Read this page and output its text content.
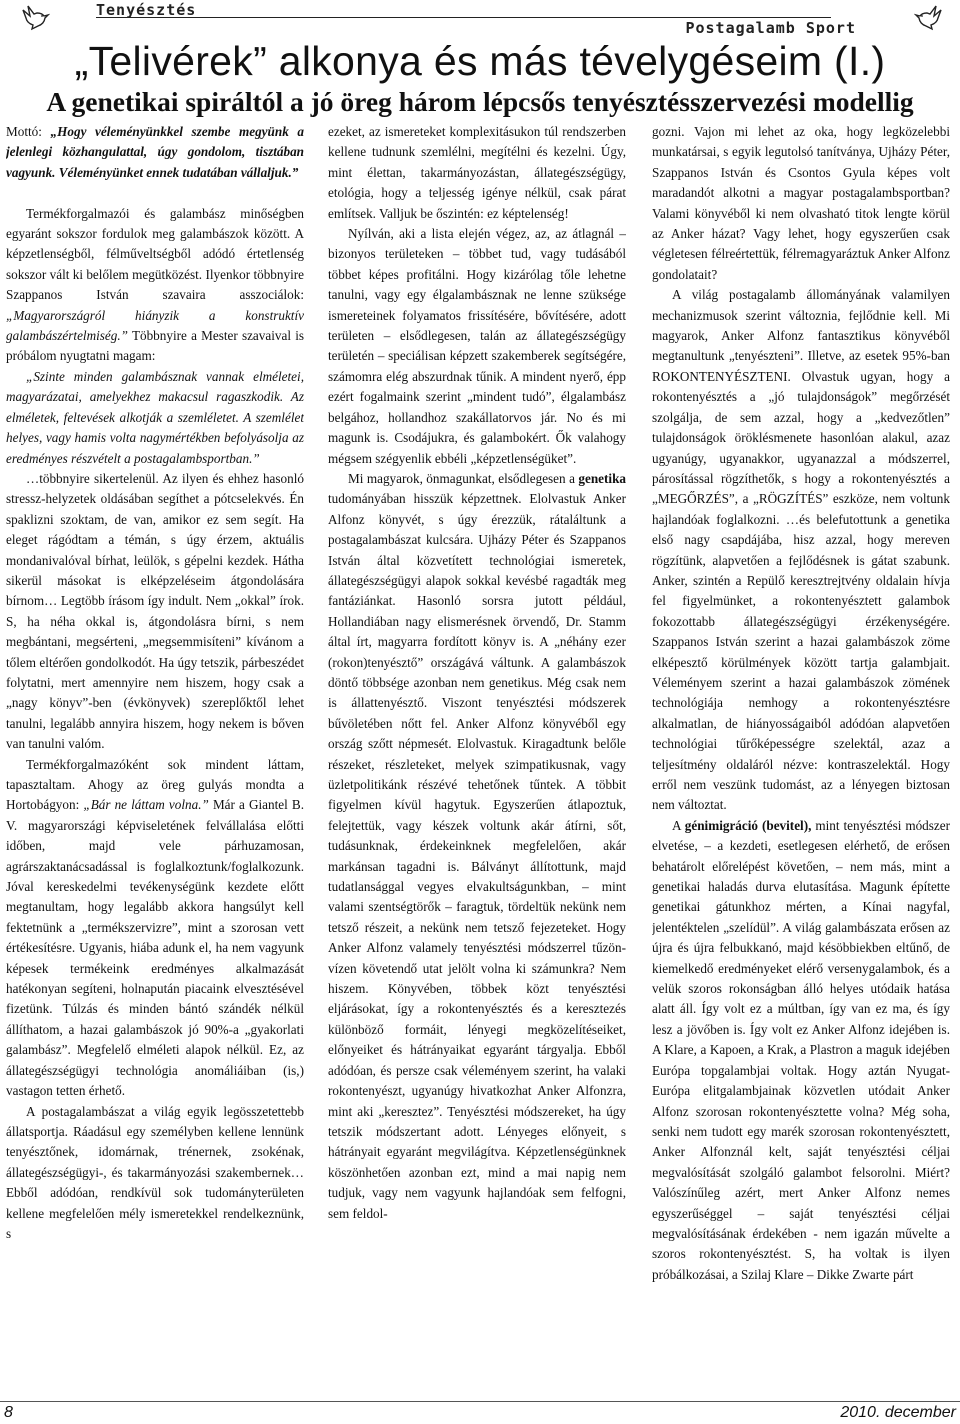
Tenyésztés
Postagalamb Sport
„Telivérek” alkonya és más tévelygéseim (I.)
A genetikai spiráltól a jó öreg három lépcsős tenyésztésszervezési modellig

Mottó: „Hogy véleményünkkel szembe megyünk a jelenlegi közhangulattal, úgy gondolom, tisztában vagyunk. Véleményünket ennek tudatában vállaljuk.”

Termékforgalmazói és galambász minőségben egyaránt sokszor fordulok meg galambászok között. A képzetlenségből, félműveltségből adódó értetlenség sokszor vált ki belőlem megütközést. Ilyenkor többnyire Szappanos István szavaira asszociálok: „Magyarországról hiányzik a konstruktív galambászértelmiség.” Többnyire a Mester szavaival is próbálom nyugtatni magam:

„Szinte minden galambásznak vannak elméletei, magyarázatai, amelyekhez makacsul ragaszkodik. Az elméletek, feltevések alkotják a szemléletet. A szemlélet helyes, vagy hamis volta nagymértékben befolyásolja az eredményes részvételt a postagalambsportban.”

…többnyire sikertelenül. Az ilyen és ehhez hasonló stressz-helyzetek oldásában segíthet a pótcselekvés. Én spaklizni szoktam, de van, amikor ez sem segít. Ha eleget rágódtam a témán, s úgy érzem, aktuális mondanivalóval bírhat, leülök, s gépelni kezdek. Hátha sikerül másokat is elképzeléseim átgondolására bírnom… Legtöbb írásom így indult. Nem „okkal” írok. S, ha néha okkal is, átgondolásra bírni, s nem megbántani, megsérteni, „megsemmisíteni” kívánom a tőlem eltérően gondolkodót. Ha úgy tetszik, párbeszédet folytatni, mert amennyire nem hiszem, hogy csak a „nagy könyv”-ben (évkönyvek) szereplőktől lehet tanulni, legalább annyira hiszem, hogy nekem is bőven van tanulni valóm.

Termékforgalmazóként sok mindent láttam, tapasztaltam. Ahogy az öreg gulyás mondta a Hortobágyon: „Bár ne láttam volna.” Már a Giantel B. V. magyarországi képviseletének felvállalása előtti időben, majd vele párhuzamosan, agrárszaktanácsadással is foglalkoztunk/foglalkozunk. Jóval kereskedelmi tevékenységünk kezdete előtt megtanultam, hogy legalább akkora hangsúlyt kell fektetnünk a „termékszervizre”, mint a szorosan vett értékesítésre. Ugyanis, hiába adunk el, ha nem vagyunk képesek termékeink eredményes alkalmazását hatékonyan segíteni, holnapután piacaink elvesztésével fizetünk. Túlzás és minden bántó szándék nélkül állíthatom, a hazai galambászok jó 90%-a „gyakorlati galambász”. Megfelelő elméleti alapok nélkül. Ez, az állategészségügyi technológia anomáliáiban (is,) vastagon tetten érhető.

A postagalambászat a világ egyik legösszetettebb állatsportja. Ráadásul egy személyben kellene lennünk tenyésztőnek, idomárnak, trénernek, zsokénak, állategészségügyi-, és takarmányozási szakembernek… Ebből adódóan, rendkívül sok tudományterületen kellene megfelelően mély ismeretekkel rendelkeznünk, s

ezeket, az ismereteket komplexitásukon túl rendszerben kellene tudnunk szemlélni, megítélni és kezelni. Úgy, mint élettan, takarmányozástan, állategészségügy, etológia, hogy a teljesség igénye nélkül, csak párat említsek. Valljuk be őszintén: ez képtelenség!

Nyílván, aki a lista elején végez, az, az átlagnál – bizonyos területeken – többet tud, vagy tudásából többet képes profitálni. Hogy kizárólag tőle lehetne tanulni, vagy egy élgalambásznak ne lenne szüksége ismereteinek folyamatos frissítésére, bővítésére, adott területen – elsődlegesen, talán az állategészségügy területén – speciálisan képzett szakemberek segítségére, számomra elég abszurdnak tűnik. A mindent nyerő, épp ezért fogalmaink szerint „mindent tudó”, élgalambász belgához, hollandhoz szakállatorvos jár. No és mi magunk is. Csodájukra, és galambokért. Ők valahogy mégsem szégyenlik ebbéli „képzetlenségüket”.

Mi magyarok, önmagunkat, elsődlegesen a genetika tudományában hisszük képzettnek. Elolvastuk Anker Alfonz könyvét, s úgy érezzük, rátaláltunk a postagalambászat kulcsára. Ujházy Péter és Szappanos István által közvetített technológiai ismeretek, állategészségügyi alapok sokkal kevésbé ragadták meg fantáziánkat. Hasonló sorsra jutott például, Hollandiában nagy elismerésnek örvendő, Dr. Stamm által írt, magyarra fordított könyv is. A „néhány ezer (rokon)tenyésztő” országává váltunk. A galambászok döntő többsége azonban nem genetikus. Még csak nem is állattenyésztő. Viszont tenyésztési módszerek bűvöletében nőtt fel. Anker Alfonz könyvéből egy ország szőtt népmesét. Elolvastuk. Kiragadtunk belőle részeket, részleteket, melyek szimpatikusnak, vagy üzletpolitikánk részévé tehetőnek tűntek. A többit figyelmen kívül hagytuk. Egyszerűen átlapoztuk, felejtettük, vagy készek voltunk akár átírni, sőt, tudásunknak, érdekeinknek megfelelően, akár markánsan tagadni is. Bálványt állítottunk, majd tudatlansággal vegyes elvakultságunkban, – mint valami szentségtörők – faragtuk, tördeltük nekünk nem tetsző részeit, a nekünk nem tetsző fejezeteket. Hogy Anker Alfonz valamely tenyésztési módszerrel tűzön-vízen követendő utat jelölt volna ki számunkra? Nem hiszem. Könyvében, többek közt tenyésztési eljárásokat, így a rokontenyésztés és a keresztezés különböző formáit, lényegi megközelítéseiket, előnyeiket és hátrányaikat egyaránt tárgyalja. Ebből adódóan, és persze csak véleményem szerint, ha valaki rokontenyészt, ugyanúgy hivatkozhat Anker Alfonzra, mint aki „keresztez”. Tenyésztési módszereket, ha úgy tetszik módszertant adott. Lényeges előnyeit, s hátrányait egyaránt megvilágítva. Képzetlenségünknek köszönhetően azonban ezt, mind a mai napig nem tudjuk, vagy nem vagyunk hajlandóak sem felfogni, sem feldol-

gozni. Vajon mi lehet az oka, hogy legközelebbi munkatársai, s egyik legutolsó tanítványa, Ujházy Péter, Szappanos István és Csontos Gyula képes volt maradandót alkotni a magyar postagalambsportban? Valami könyvéből ki nem olvasható titok lengte körül az Anker házat? Vagy lehet, hogy egyszerűen csak végletesen félreértettük, félremagyaráztuk Anker Alfonz gondolatait?

A világ postagalamb állományának valamilyen mechanizmusok szerint változnia, fejlődnie kell. Mi magyarok, Anker Alfonz fantasztikus könyvéből megtanultunk „tenyészteni”. Illetve, az esetek 95%-ban ROKONTENYÉSZTENI. Olvastuk ugyan, hogy a rokontenyésztés a „jó tulajdonságok” megőrzését szolgálja, de sem azzal, hogy a „kedvezőtlen” tulajdonságok öröklésmenete hasonlóan alakul, azaz ugyanúgy, ugyanakkor, ugyanazzal a módszerrel, párosítással rögzíthetők, s hogy a rokontenyésztés a „MEGŐRZÉS”, a „RÖGZÍTÉS” eszköze, nem voltunk hajlandóak foglalkozni. …és belefutottunk a genetika első nagy csapdájába, hisz azzal, hogy mereven rögzítünk, alapvetően a fejlődésnek is gátat szabunk. Anker, szintén a Repülő keresztrejtvény oldalain hívja fel figyelmünket, a rokontenyésztett galambok fokozottabb állategészségügyi érzékenységére. Szappanos István szerint a hazai galambászok zöme elképesztő körülmények között tartja galambjait. Véleményem szerint a hazai galambászok zömének technológiája nemhogy a rokontenyésztésre alkalmatlan, de hiányosságaiból adódóan alapvetően technológiai tűrőképességre szelektál, azaz a teljesítmény oldaláról nézve: kontraszelektál. Hogy erről nem veszünk tudomást, az a lényegen biztosan nem változtat.

A génimigráció (bevitel), mint tenyésztési módszer elvetése, – a kezdeti, esetlegesen elérhető, de erősen behatárolt előrelépést követően, – nem más, mint a genetikai haladás durva elutasítása. Magunk építette genetikai gátunkhoz mérten, a Kínai nagyfal, jelentéktelen „szelídül”. A világ galambászata erősen az újra és újra felbukkanó, majd késöbbiekben eltűnő, de kiemelkedő eredményeket elérő versenygalambok, és a velük szoros rokonságban álló helyes utódaik hatása alatt áll. Így volt ez a múltban, így van ez ma, és így lesz a jövőben is. Így volt ez Anker Alfonz idejében is. A Klare, a Kapoen, a Krak, a Plastron a maguk idejében Európa topgalambjai voltak. Hogy aztán Nyugat-Európa elitgalambjainak közvetlen utódait Anker Alfonz szorosan rokontenyésztette volna? Még soha, senki nem tudott egy marék szorosan rokontenyésztett, Anker Alfonznál kelt, saját tenyésztési céljai megvalósítását szolgáló galambot felsorolni. Miért? Valószínűleg azért, mert Anker Alfonz nemes egyszerűséggel – saját tenyésztési céljai megvalósításának érdekében - nem igazán művelte a szoros rokontenyésztést. S, ha voltak is ilyen próbálkozásai, a Szilaj Klare – Dikke Zwarte párt

8	2010. december
